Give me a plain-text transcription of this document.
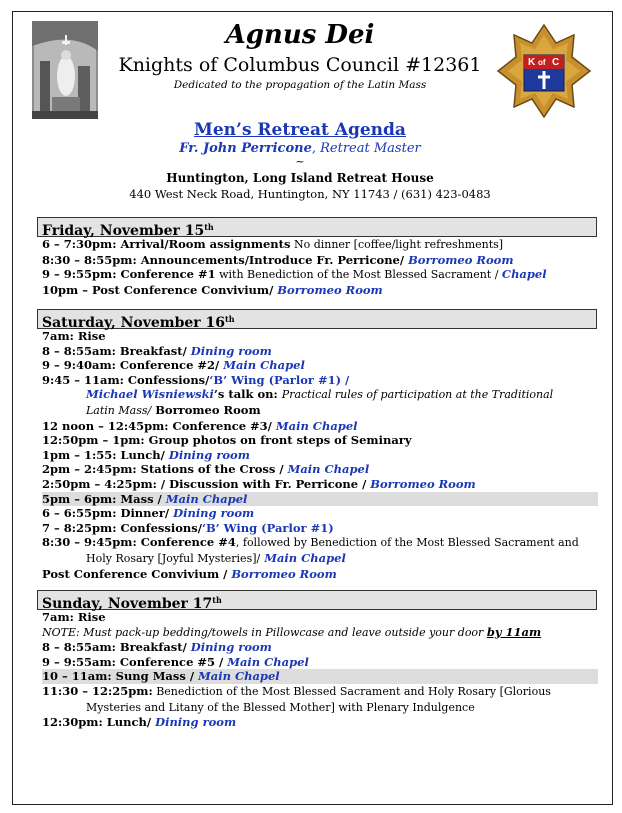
K of C
Agnus Dei
Knights of Columbus Council #12361
Dedicated to the propagation of the Latin Mass
Men’s Retreat Agenda
Fr. John Perricone, Retreat Master
~
Huntington, Long Island Retreat House
440 West Neck Road, Huntington, NY 11743 / (631) 423-0483
Friday, November 15th
6 – 7:30pm: Arrival/Room assignments No dinner [coffee/light refreshments]
8:30 – 8:55pm: Announcements/Introduce Fr. Perricone/ Borromeo Room
9 – 9:55pm: Conference #1 with Benediction of the Most Blessed Sacrament / Chapel
10pm – Post Conference Convivium/ Borromeo Room
Saturday, November 16th
7am: Rise
8 – 8:55am: Breakfast/ Dining room
9 – 9:40am: Conference #2/ Main Chapel
9:45 – 11am: Confessions/‘B’ Wing (Parlor #1) /
Michael Wisniewski’s talk on: Practical rules of participation at the Traditional
Latin Mass/ Borromeo Room
12 noon – 12:45pm: Conference #3/ Main Chapel
12:50pm – 1pm: Group photos on front steps of Seminary
1pm – 1:55: Lunch/ Dining room
2pm – 2:45pm: Stations of the Cross / Main Chapel
2:50pm – 4:25pm: / Discussion with Fr. Perricone / Borromeo Room
5pm – 6pm: Mass / Main Chapel
6 – 6:55pm: Dinner/ Dining room
7 – 8:25pm: Confessions/‘B’ Wing (Parlor #1)
8:30 – 9:45pm: Conference #4, followed by Benediction of the Most Blessed Sacrament and
Holy Rosary [Joyful Mysteries]/ Main Chapel
Post Conference Convivium / Borromeo Room
Sunday, November 17th
7am: Rise
NOTE: Must pack-up bedding/towels in Pillowcase and leave outside your door by 11am
8 – 8:55am: Breakfast/ Dining room
9 – 9:55am: Conference #5 / Main Chapel
10 – 11am: Sung Mass / Main Chapel
11:30 – 12:25pm: Benediction of the Most Blessed Sacrament and Holy Rosary [Glorious
Mysteries and Litany of the Blessed Mother] with Plenary Indulgence
12:30pm: Lunch/ Dining room
